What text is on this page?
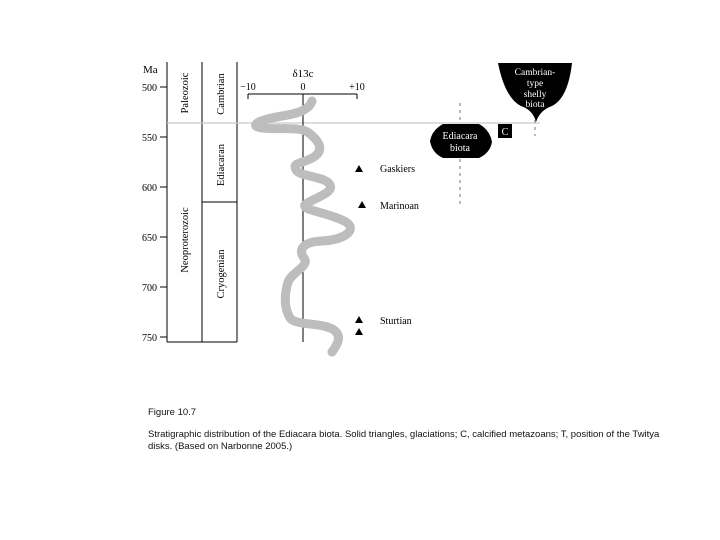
Ma
500
550
600
650
700
750
Paleozoic
Neoproterozoic
Cambrian
Ediacaran
Cryogenian
δ13c
−10	0	+10
Gaskiers
Marinoan
Sturtian
Ediacara
biota
C
Cambrian-
type
shelly
biota
Figure 10.7
Stratigraphic distribution of the Ediacara biota. Solid triangles, glaciations; C, calcified metazoans; T, position of the Twitya disks. (Based on Narbonne 2005.)
